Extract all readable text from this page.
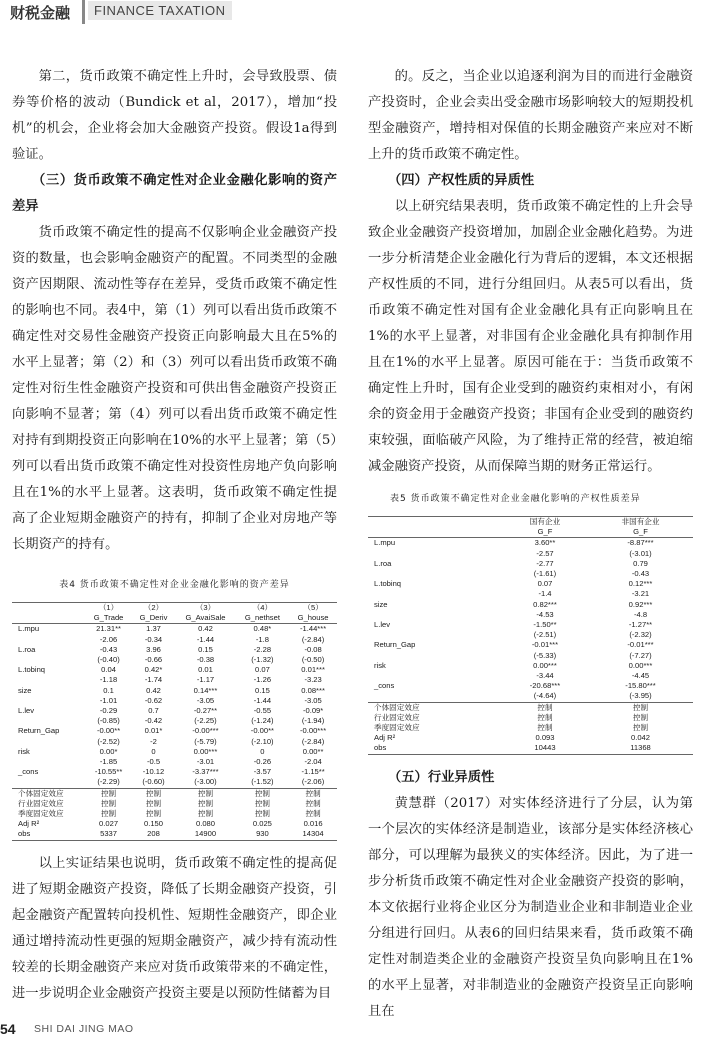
财税金融	FINANCE TAXATION

第二，货币政策不确定性上升时，会导致股票、债券等价格的波动（Bundick et al，2017），增加“投机”的机会，企业将会加大金融资产投资。假设1a得到验证。

（三）货币政策不确定性对企业金融化影响的资产差异

货币政策不确定性的提高不仅影响企业金融资产投资的数量，也会影响金融资产的配置。不同类型的金融资产因期限、流动性等存在差异，受货币政策不确定性的影响也不同。表4中，第（1）列可以看出货币政策不确定性对交易性金融资产投资正向影响最大且在5%的水平上显著；第（2）和（3）列可以看出货币政策不确定性对衍生性金融资产投资和可供出售金融资产投资正向影响不显著；第（4）列可以看出货币政策不确定性对持有到期投资正向影响在10%的水平上显著；第（5）列可以看出货币政策不确定性对投资性房地产负向影响且在1%的水平上显著。这表明，货币政策不确定性提高了企业短期金融资产的持有，抑制了企业对房地产等长期资产的持有。

表4 货币政策不确定性对企业金融化影响的资产差异
	（1）	（2）	（3）	（4）	（5）
	G_Trade	G_Deriv	G_AvaiSale	G_nethset	G_house
L.mpu	21.31**	1.37	0.42	0.48*	-1.44***
	-2.06	-0.34	-1.44	-1.8	(-2.84)
L.roa	-0.43	3.96	0.15	-2.28	-0.08
	(-0.40)	-0.66	-0.38	(-1.32)	(-0.50)
L.tobinq	0.04	0.42*	0.01	0.07	0.01***
	-1.18	-1.74	-1.17	-1.26	-3.23
size	0.1	0.42	0.14***	0.15	0.08***
	-1.01	-0.62	-3.05	-1.44	-3.05
L.lev	-0.29	0.7	-0.27**	-0.55	-0.09*
	(-0.85)	-0.42	(-2.25)	(-1.24)	(-1.94)
Return_Gap	-0.00**	0.01*	-0.00***	-0.00**	-0.00***
	(-2.52)	-2	(-5.79)	(-2.10)	(-2.84)
risk	0.00*	0	0.00***	0	0.00**
	-1.85	-0.5	-3.01	-0.26	-2.04
_cons	-10.55**	-10.12	-3.37***	-3.57	-1.15**
	(-2.29)	(-0.60)	(-3.00)	(-1.52)	(-2.06)
个体固定效应	控制	控制	控制	控制	控制
行业固定效应	控制	控制	控制	控制	控制
季度固定效应	控制	控制	控制	控制	控制
Adj R²	0.027	0.150	0.080	0.025	0.016
obs	5337	208	14900	930	14304

以上实证结果也说明，货币政策不确定性的提高促进了短期金融资产投资，降低了长期金融资产投资，引起金融资产配置转向投机性、短期性金融资产，即企业通过增持流动性更强的短期金融资产，减少持有流动性较差的长期金融资产来应对货币政策带来的不确定性，进一步说明企业金融资产投资主要是以预防性储蓄为目

的。反之，当企业以追逐利润为目的而进行金融资产投资时，企业会卖出受金融市场影响较大的短期投机型金融资产，增持相对保值的长期金融资产来应对不断上升的货币政策不确定性。

（四）产权性质的异质性

以上研究结果表明，货币政策不确定性的上升会导致企业金融资产投资增加，加剧企业金融化趋势。为进一步分析清楚企业金融化行为背后的逻辑，本文还根据产权性质的不同，进行分组回归。从表5可以看出，货币政策不确定性对国有企业金融化具有正向影响且在1%的水平上显著，对非国有企业金融化具有抑制作用且在1%的水平上显著。原因可能在于：当货币政策不确定性上升时，国有企业受到的融资约束相对小，有闲余的资金用于金融资产投资；非国有企业受到的融资约束较强，面临破产风险，为了维持正常的经营，被迫缩减金融资产投资，从而保障当期的财务正常运行。

表5 货币政策不确定性对企业金融化影响的产权性质差异
	国有企业	非国有企业
	G_F	G_F
L.mpu	3.60**	-8.87***
	-2.57	(-3.01)
L.roa	-2.77	0.79
	(-1.61)	-0.43
L.tobinq	0.07	0.12***
	-1.4	-3.21
size	0.82***	0.92***
	-4.53	-4.8
L.lev	-1.50**	-1.27**
	(-2.51)	(-2.32)
Return_Gap	-0.01***	-0.01***
	(-5.33)	(-7.27)
risk	0.00***	0.00***
	-3.44	-4.45
_cons	-20.68***	-15.80***
	(-4.64)	(-3.95)
个体固定效应	控制	控制
行业固定效应	控制	控制
季度固定效应	控制	控制
Adj R²	0.093	0.042
obs	10443	11368
（五）行业异质性

黄慧群（2017）对实体经济进行了分层，认为第一个层次的实体经济是制造业，该部分是实体经济核心部分，可以理解为最狭义的实体经济。因此，为了进一步分析货币政策不确定性对企业金融资产投资的影响，本文依据行业将企业区分为制造业企业和非制造业企业分组进行回归。从表6的回归结果来看，货币政策不确定性对制造类企业的金融资产投资呈负向影响且在1%的水平上显著，对非制造业的金融资产投资呈正向影响且在

54 SHI DAI JING MAO
